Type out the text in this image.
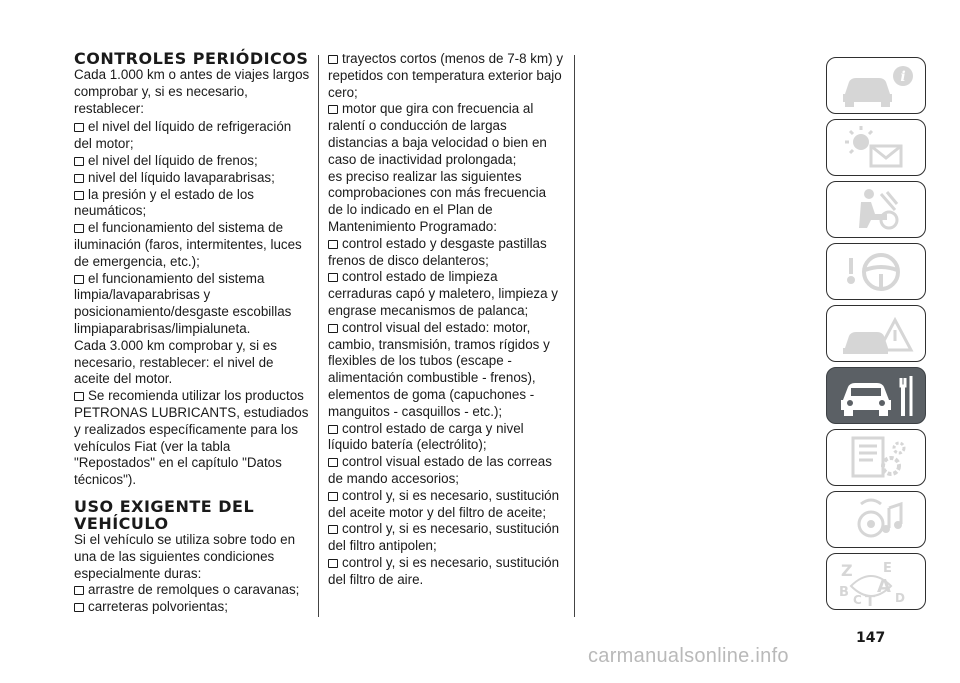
CONTROLES PERIÓDICOS

Cada 1.000 km o antes de viajes largos comprobar y, si es necesario, restablecer:

el nivel del líquido de refrigeración del motor;

el nivel del líquido de frenos;

nivel del líquido lavaparabrisas;

la presión y el estado de los neumáticos;

el funcionamiento del sistema de iluminación (faros, intermitentes, luces de emergencia, etc.);

el funcionamiento del sistema limpia/lavaparabrisas y posicionamiento/desgaste escobillas limpiaparabrisas/limpialuneta.

Cada 3.000 km comprobar y, si es necesario, restablecer: el nivel de aceite del motor.

Se recomienda utilizar los productos PETRONAS LUBRICANTS, estudiados y realizados específicamente para los vehículos Fiat (ver la tabla "Repostados" en el capítulo "Datos técnicos").

USO EXIGENTE DEL VEHÍCULO

Si el vehículo se utiliza sobre todo en una de las siguientes condiciones especialmente duras:

arrastre de remolques o caravanas;

carreteras polvorientas;

trayectos cortos (menos de 7-8 km) y repetidos con temperatura exterior bajo cero;

motor que gira con frecuencia al ralentí o conducción de largas distancias a baja velocidad o bien en caso de inactividad prolongada;

es preciso realizar las siguientes comprobaciones con más frecuencia de lo indicado en el Plan de Mantenimiento Programado:

control estado y desgaste pastillas frenos de disco delanteros;

control estado de limpieza cerraduras capó y maletero, limpieza y engrase mecanismos de palanca;

control visual del estado: motor, cambio, transmisión, tramos rígidos y flexibles de los tubos (escape - alimentación combustible - frenos), elementos de goma (capuchones - manguitos - casquillos - etc.);

control estado de carga y nivel líquido batería (electrólito);

control visual estado de las correas de mando accesorios;

control y, si es necesario, sustitución del aceite motor y del filtro de aceite;

control y, si es necesario, sustitución del filtro antipolen;

control y, si es necesario, sustitución del filtro de aire.

i
Z E
B A
C T D
147
carmanualsonline.info
